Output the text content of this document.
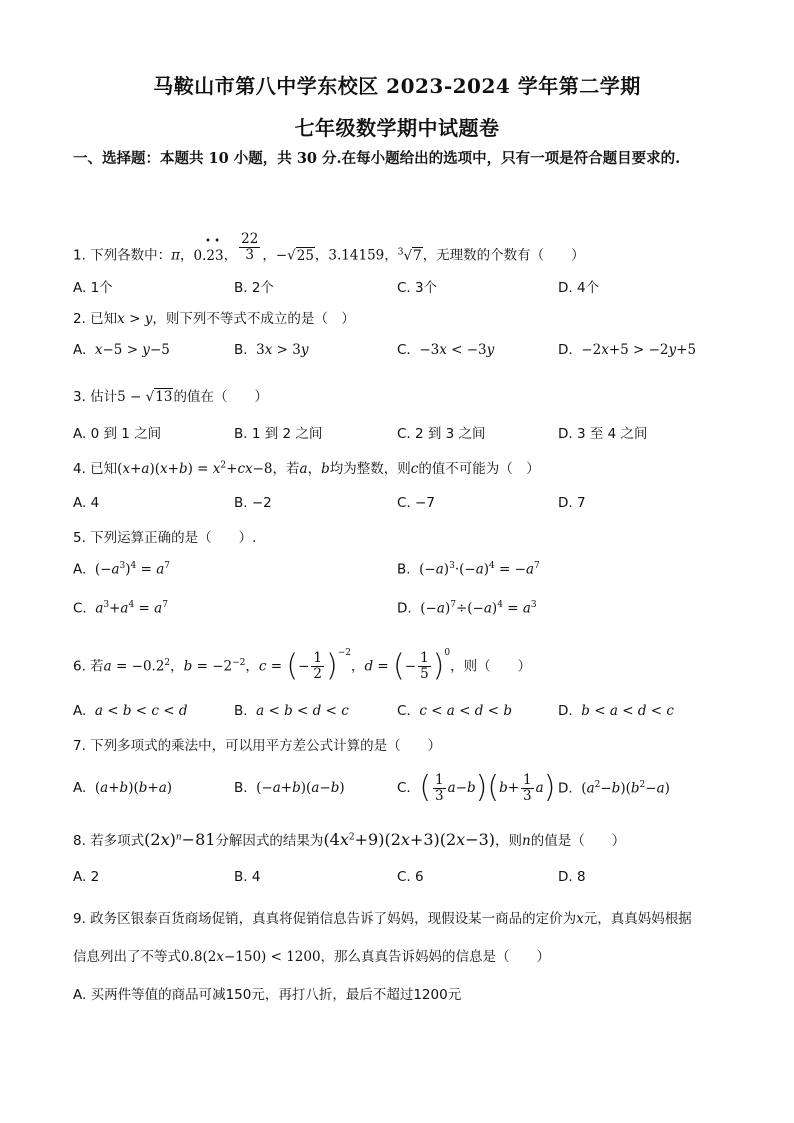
马鞍山市第八中学东校区 2023-2024 学年第二学期
七年级数学期中试题卷
一、选择题：本题共 10 小题，共 30 分.在每小题给出的选项中，只有一项是符合题目要求的.
1. 下列各数中：π，0.23
• •
， $\frac{22}{3}$ ，−√25，3.14159，$^3$√7，无理数的个数有（　　）
A. 1个	B. 2个	C. 3个	D. 4个
2. 已知x > y，则下列不等式不成立的是（　）
A.  x−5 > y−5	B.  3x > 3y	C.  −3x < −3y	D.  −2x+5 > −2y+5
3. 估计5 − √13的值在（　　）
A. 0 到 1 之间	B. 1 到 2 之间	C. 2 到 3 之间	D. 3 至 4 之间
4. 已知$(x+a)(x+b) = x^2+cx-8$，若a，b均为整数，则c的值不可能为（　）
A. 4	B. −2	C. −7	D. 7
5. 下列运算正确的是（　　）.
A.  $(-a^3)^4 = a^7$	B.  $(-a)^3\cdot(-a)^4 = -a^7$
C.  $a^3+a^4 = a^7$	D.  $(-a)^7\div(-a)^4 = a^3$
6. 若$a = -0.2^2$，$b = -2^{-2}$，c = (− $\frac{1}{2} )^{-2}$，d = (− $\frac{1}{5} )^0$，则（　　）
A.  a < b < c < d	B.  a < b < d < c	C.  c < a < d < b	D.  b < a < d < c
7. 下列多项式的乘法中，可以用平方差公式计算的是（　　）
A.  (a+b)(b+a)	B.  (−a+b)(a−b)	C.  ( $\frac{1}{3} a-b)(b+ \frac{1}{3} a)$ D.  $(a^2-b)(b^2-a)$
8. 若多项式$(2x)^n-81$分解因式的结果为$(4x^2+9)(2x+3)(2x-3)$，则n的值是（　　）
A. 2	B. 4	C. 6	D. 8
9. 政务区银泰百货商场促销，真真将促销信息告诉了妈妈，现假设某一商品的定价为x元，真真妈妈根据
信息列出了不等式0.8(2x−150) < 1200，那么真真告诉妈妈的信息是（　　）
A. 买两件等值的商品可减150元，再打八折，最后不超过1200元
